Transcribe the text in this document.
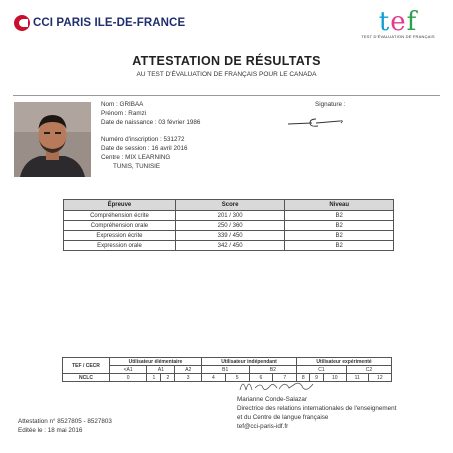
CCI PARIS ILE-DE-FRANCE	tef
TEST D'ÉVALUATION DE FRANÇAIS
ATTESTATION DE RÉSULTATS
AU TEST D'ÉVALUATION DE FRANÇAIS POUR LE CANADA
Nom : GRIBAA
Prénom : Ramzi
Date de naissance : 03 février 1986
Numéro d'inscription : 531272
Date de session : 16 avril 2016
Centre : MIX LEARNING
TUNIS, TUNISIE
Signature :
Épreuve	Score	Niveau
Compréhension écrite	201 / 300	B2
Compréhension orale	250 / 360	B2
Expression écrite	339 / 450	B2
Expression orale	342 / 450	B2
TEF / CECR	Utilisateur élémentaire				Utilisateur indépendant				Utilisateur expérimenté				
	<A1	A1		A2	B1		B2		C1			C2	
NCLC	0	1	2	3	4	5	6	7	8	9	10	11	12
Marianne Conde-Salazar
Directrice des relations internationales de l'enseignement
et du Centre de langue française
tef@cci-paris-idf.fr
Attestation n° 8527805 - 8527803
Editée le : 18 mai 2016
